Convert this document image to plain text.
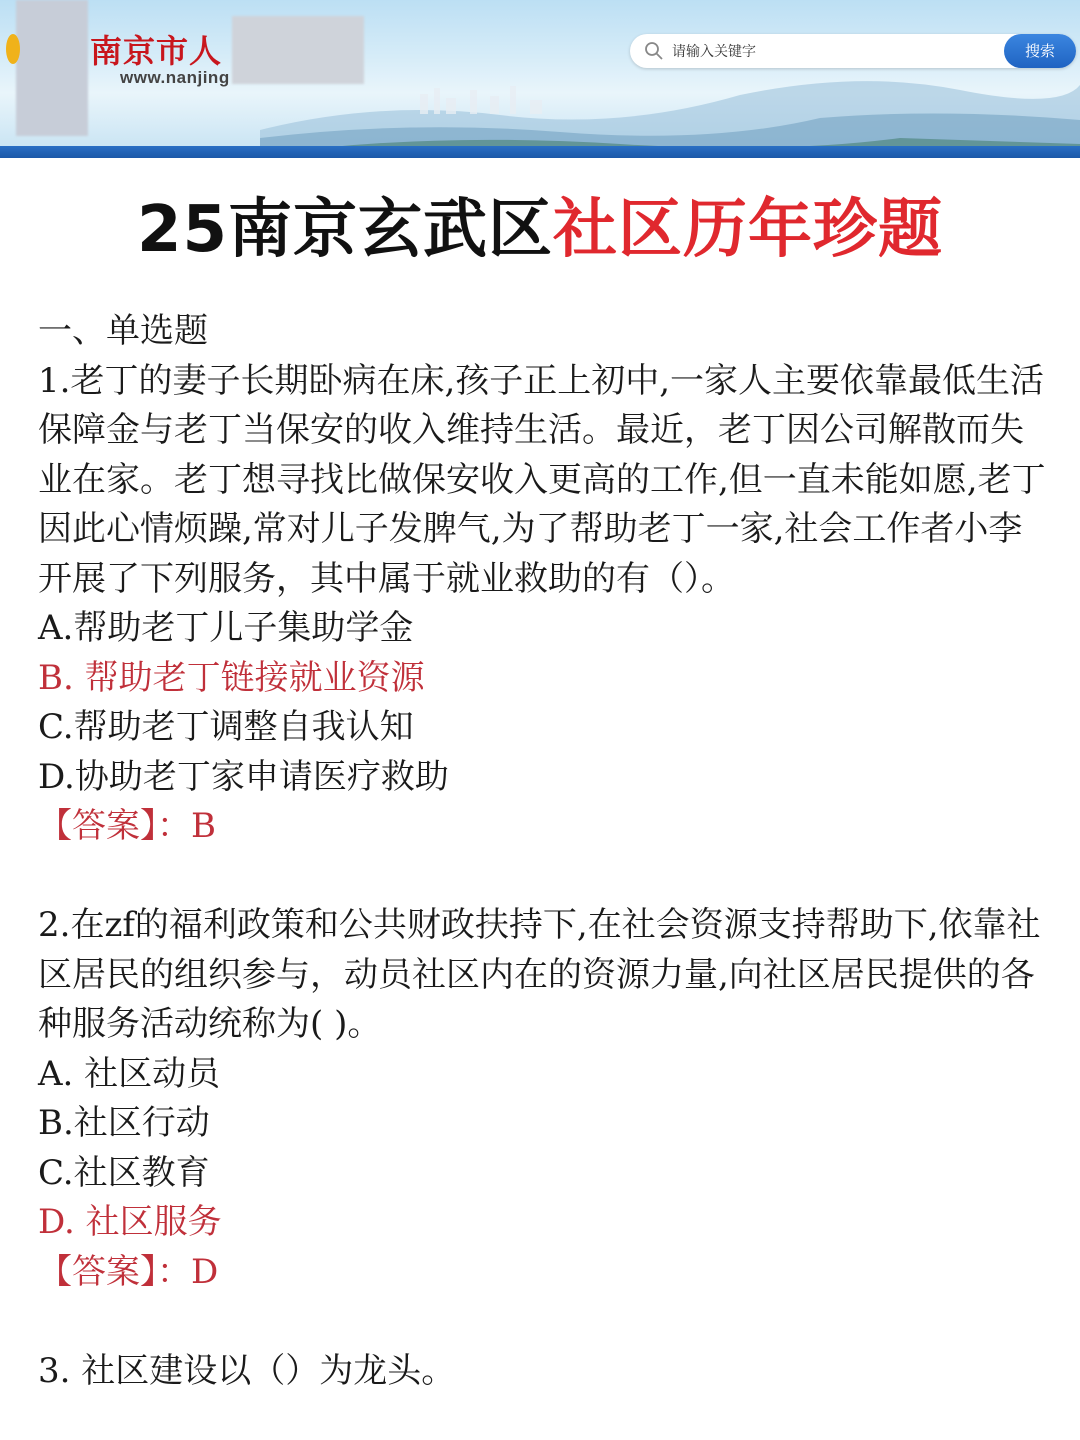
南京市人
www.nanjing
请输入关键字	搜索
25南京玄武区社区历年珍题

一、单选题

1.老丁的妻子长期卧病在床,孩子正上初中,一家人主要依靠最低生活保障金与老丁当保安的收入维持生活。最近，老丁因公司解散而失业在家。老丁想寻找比做保安收入更高的工作,但一直未能如愿,老丁因此心情烦躁,常对儿子发脾气,为了帮助老丁一家,社会工作者小李开展了下列服务，其中属于就业救助的有（）。

A.帮助老丁儿子集助学金

B. 帮助老丁链接就业资源

C.帮助老丁调整自我认知

D.协助老丁家申请医疗救助

【答案】：B

2.在zf的福利政策和公共财政扶持下,在社会资源支持帮助下,依靠社区居民的组织参与，动员社区内在的资源力量,向社区居民提供的各种服务活动统称为( )。

A. 社区动员

B.社区行动

C.社区教育

D. 社区服务

【答案】：D

3. 社区建设以（）为龙头。
